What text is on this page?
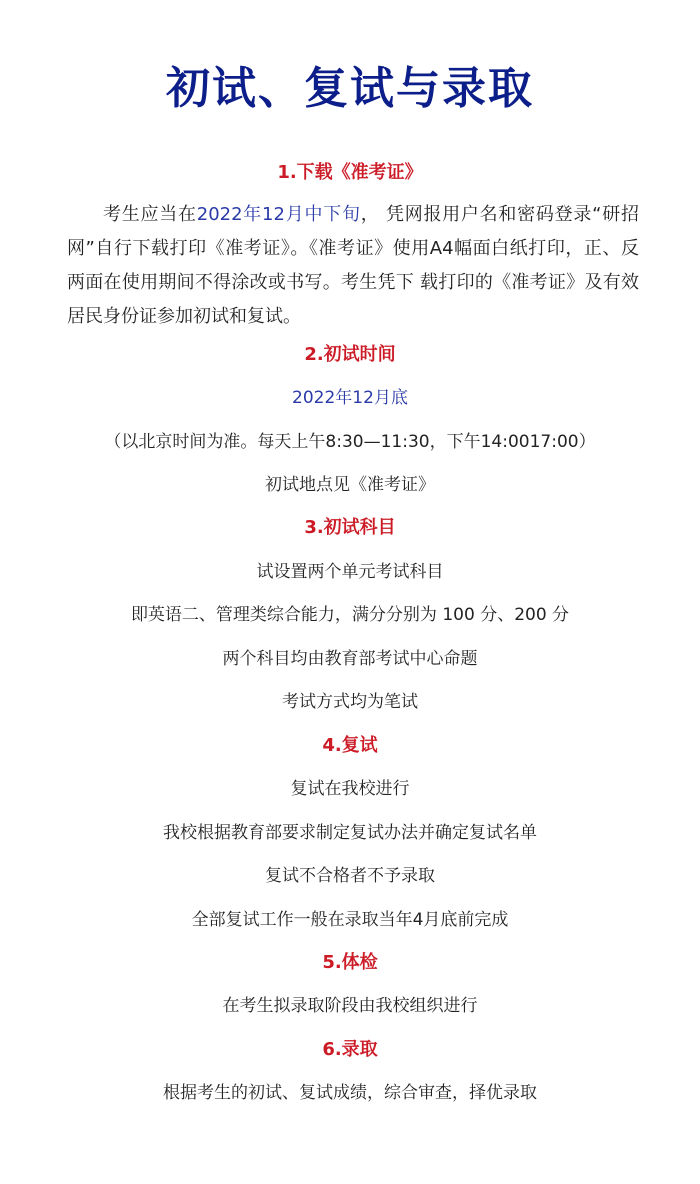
初试、复试与录取
1.下载《准考证》
考生应当在2022年12月中下旬， 凭网报用户名和密码登录“研招网”自行下载打印《准考证》。《准考证》使用A4幅面白纸打印，正、反两面在使用期间不得涂改或书写。考生凭下 载打印的《准考证》及有效居民身份证参加初试和复试。
2.初试时间
2022年12月底
（以北京时间为准。每天上午8:30—11:30，下午14:0017:00）
初试地点见《准考证》
3.初试科目
试设置两个单元考试科目
即英语二、管理类综合能力，满分分别为 100 分、200 分
两个科目均由教育部考试中心命题
考试方式均为笔试
4.复试
复试在我校进行
我校根据教育部要求制定复试办法并确定复试名单
复试不合格者不予录取
全部复试工作一般在录取当年4月底前完成
5.体检
在考生拟录取阶段由我校组织进行
6.录取
根据考生的初试、复试成绩，综合审查，择优录取
